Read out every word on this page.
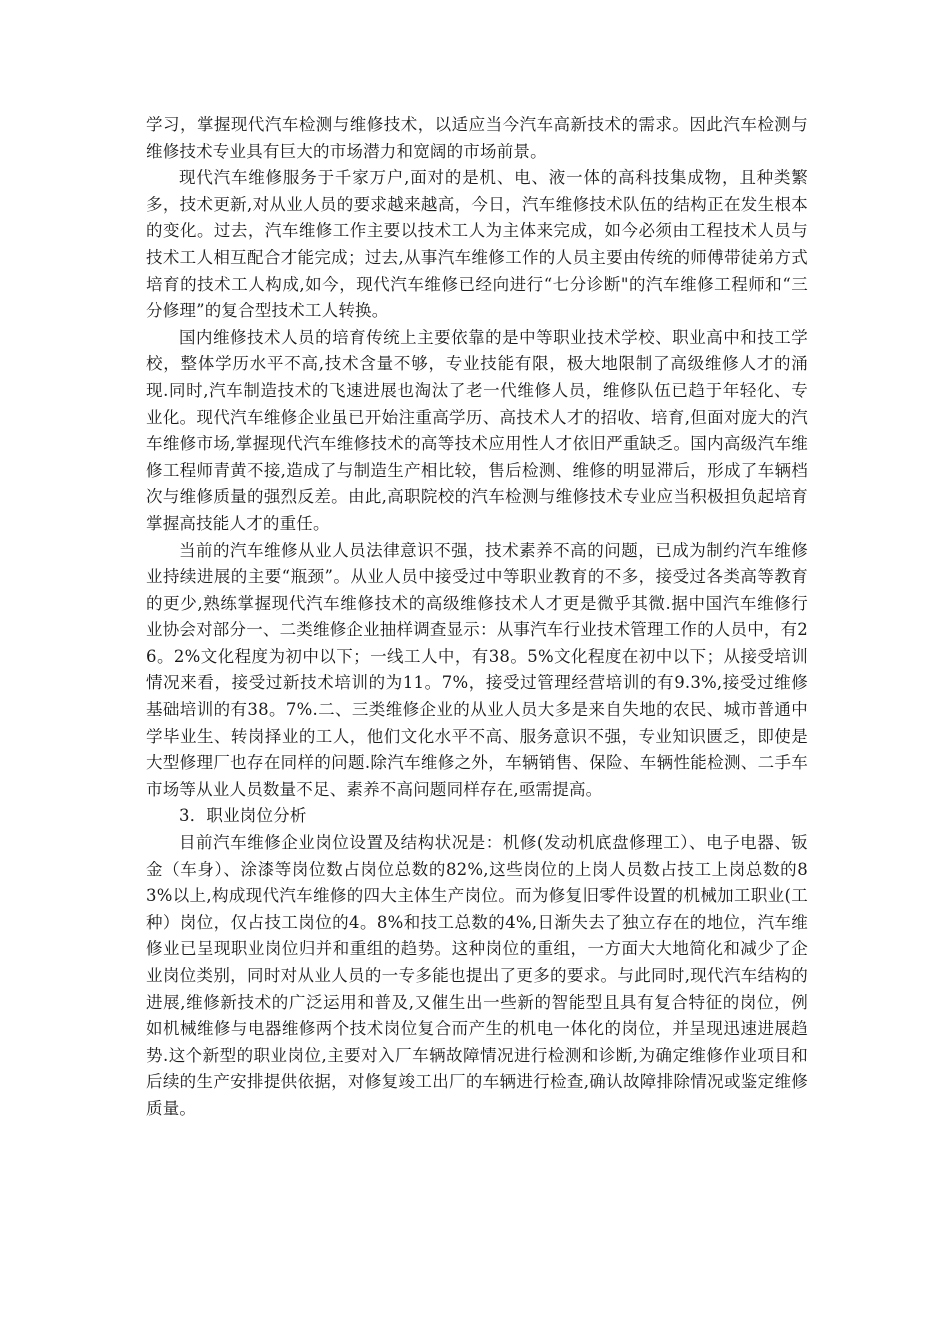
学习，掌握现代汽车检测与维修技术，以适应当今汽车高新技术的需求。因此汽车检测与维修技术专业具有巨大的市场潜力和宽阔的市场前景。

现代汽车维修服务于千家万户,面对的是机、电、液一体的高科技集成物，且种类繁多，技术更新,对从业人员的要求越来越高，今日，汽车维修技术队伍的结构正在发生根本的变化。过去，汽车维修工作主要以技术工人为主体来完成，如今必须由工程技术人员与技术工人相互配合才能完成；过去,从事汽车维修工作的人员主要由传统的师傅带徒弟方式培育的技术工人构成,如今，现代汽车维修已经向进行“七分诊断"的汽车维修工程师和“三分修理”的复合型技术工人转换。

国内维修技术人员的培育传统上主要依靠的是中等职业技术学校、职业高中和技工学校，整体学历水平不高,技术含量不够，专业技能有限，极大地限制了高级维修人才的涌现.同时,汽车制造技术的飞速进展也淘汰了老一代维修人员，维修队伍已趋于年轻化、专业化。现代汽车维修企业虽已开始注重高学历、高技术人才的招收、培育,但面对庞大的汽车维修市场,掌握现代汽车维修技术的高等技术应用性人才依旧严重缺乏。国内高级汽车维修工程师青黄不接,造成了与制造生产相比较，售后检测、维修的明显滞后，形成了车辆档次与维修质量的强烈反差。由此,高职院校的汽车检测与维修技术专业应当积极担负起培育掌握高技能人才的重任。

当前的汽车维修从业人员法律意识不强，技术素养不高的问题，已成为制约汽车维修业持续进展的主要“瓶颈”。从业人员中接受过中等职业教育的不多，接受过各类高等教育的更少,熟练掌握现代汽车维修技术的高级维修技术人才更是微乎其微.据中国汽车维修行业协会对部分一、二类维修企业抽样调查显示：从事汽车行业技术管理工作的人员中，有26。2%文化程度为初中以下；一线工人中，有38。5%文化程度在初中以下；从接受培训情况来看，接受过新技术培训的为11。7%，接受过管理经营培训的有9.3%,接受过维修基础培训的有38。7%.二、三类维修企业的从业人员大多是来自失地的农民、城市普通中学毕业生、转岗择业的工人，他们文化水平不高、服务意识不强，专业知识匮乏，即使是大型修理厂也存在同样的问题.除汽车维修之外，车辆销售、保险、车辆性能检测、二手车市场等从业人员数量不足、素养不高问题同样存在,亟需提高。

3．职业岗位分析

目前汽车维修企业岗位设置及结构状况是：机修(发动机底盘修理工）、电子电器、钣金（车身）、涂漆等岗位数占岗位总数的82%,这些岗位的上岗人员数占技工上岗总数的83%以上,构成现代汽车维修的四大主体生产岗位。而为修复旧零件设置的机械加工职业(工种）岗位，仅占技工岗位的4。8%和技工总数的4%,日渐失去了独立存在的地位，汽车维修业已呈现职业岗位归并和重组的趋势。这种岗位的重组，一方面大大地简化和减少了企业岗位类别，同时对从业人员的一专多能也提出了更多的要求。与此同时,现代汽车结构的进展,维修新技术的广泛运用和普及,又催生出一些新的智能型且具有复合特征的岗位，例如机械维修与电器维修两个技术岗位复合而产生的机电一体化的岗位，并呈现迅速进展趋势.这个新型的职业岗位,主要对入厂车辆故障情况进行检测和诊断,为确定维修作业项目和后续的生产安排提供依据，对修复竣工出厂的车辆进行检查,确认故障排除情况或鉴定维修质量。
